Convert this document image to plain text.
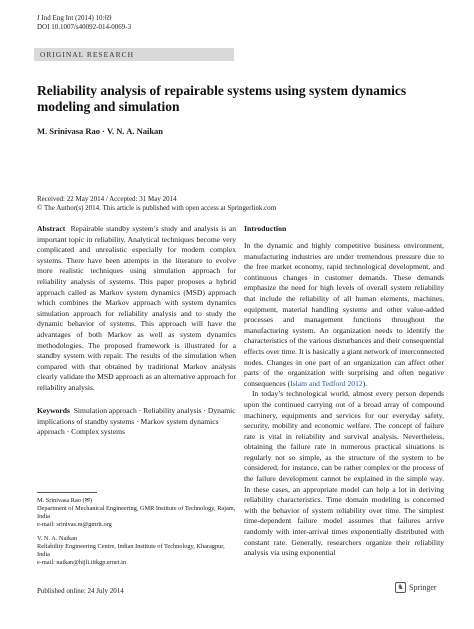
J Ind Eng Int (2014) 10:69
DOI 10.1007/s40092-014-0069-3
ORIGINAL RESEARCH
Reliability analysis of repairable systems using system dynamics modeling and simulation
M. Srinivasa Rao · V. N. A. Naikan
Received: 22 May 2014 / Accepted: 31 May 2014
© The Author(s) 2014. This article is published with open access at Springerlink.com
Abstract Repairable standby system’s study and analysis is an important topic in reliability. Analytical techniques become very complicated and unrealistic especially for modern complex systems. There have been attempts in the literature to evolve more realistic techniques using simulation approach for reliability analysis of systems. This paper proposes a hybrid approach called as Markov system dynamics (MSD) approach which combines the Markov approach with system dynamics simulation approach for reliability analysis and to study the dynamic behavior of systems. This approach will have the advantages of both Markov as well as system dynamics methodologies. The proposed framework is illustrated for a standby system with repair. The results of the simulation when compared with that obtained by traditional Markov analysis clearly validate the MSD approach as an alternative approach for reliability analysis.
Keywords Simulation approach · Reliability analysis · Dynamic implications of standby systems · Markov system dynamics approach · Complex systems

M. Srinivasa Rao (✉)
Department of Mechanical Engineering, GMR Institute of Technology, Rajam, India
e-mail: srinivas.m@gmrit.org

V. N. A. Naikan
Reliability Engineering Centre, Indian Institute of Technology, Kharagpur, India
e-mail: naikan@hijli.iitkgp.ernet.in

Published online: 24 July 2014
Introduction

In the dynamic and highly competitive business environment, manufacturing industries are under tremendous pressure due to the free market economy, rapid technological development, and continuous changes in customer demands. These demands emphasize the need for high levels of overall system reliability that include the reliability of all human elements, machines, equipment, material handling systems and other value-added processes and management functions throughout the manufacturing system. An organization needs to identify the characteristics of the various disturbances and their consequential effects over time. It is basically a giant network of interconnected nodes. Changes in one part of an organization can affect other parts of the organization with surprising and often negative consequences (Islam and Tedford 2012).

In today’s technological world, almost every person depends upon the continued carrying out of a broad array of compound machinery, equipments and services for our everyday safety, security, mobility and economic welfare. The concept of failure rate is vital in reliability and survival analysis. Nevertheless, obtaining the failure rate in numerous practical situations is regularly not so simple, as the structure of the system to be considered, for instance, can be rather complex or the process of the failure development cannot be explained in the simple way. In these cases, an appropriate model can help a lot in deriving reliability characteristics. Time domain modeling is concerned with the behavior of system reliability over time. The simplest time-dependent failure model assumes that failures arrive randomly with inter-arrival times exponentially distributed with constant rate. Generally, researchers organize their reliability analysis via using exponential

♞ Springer
